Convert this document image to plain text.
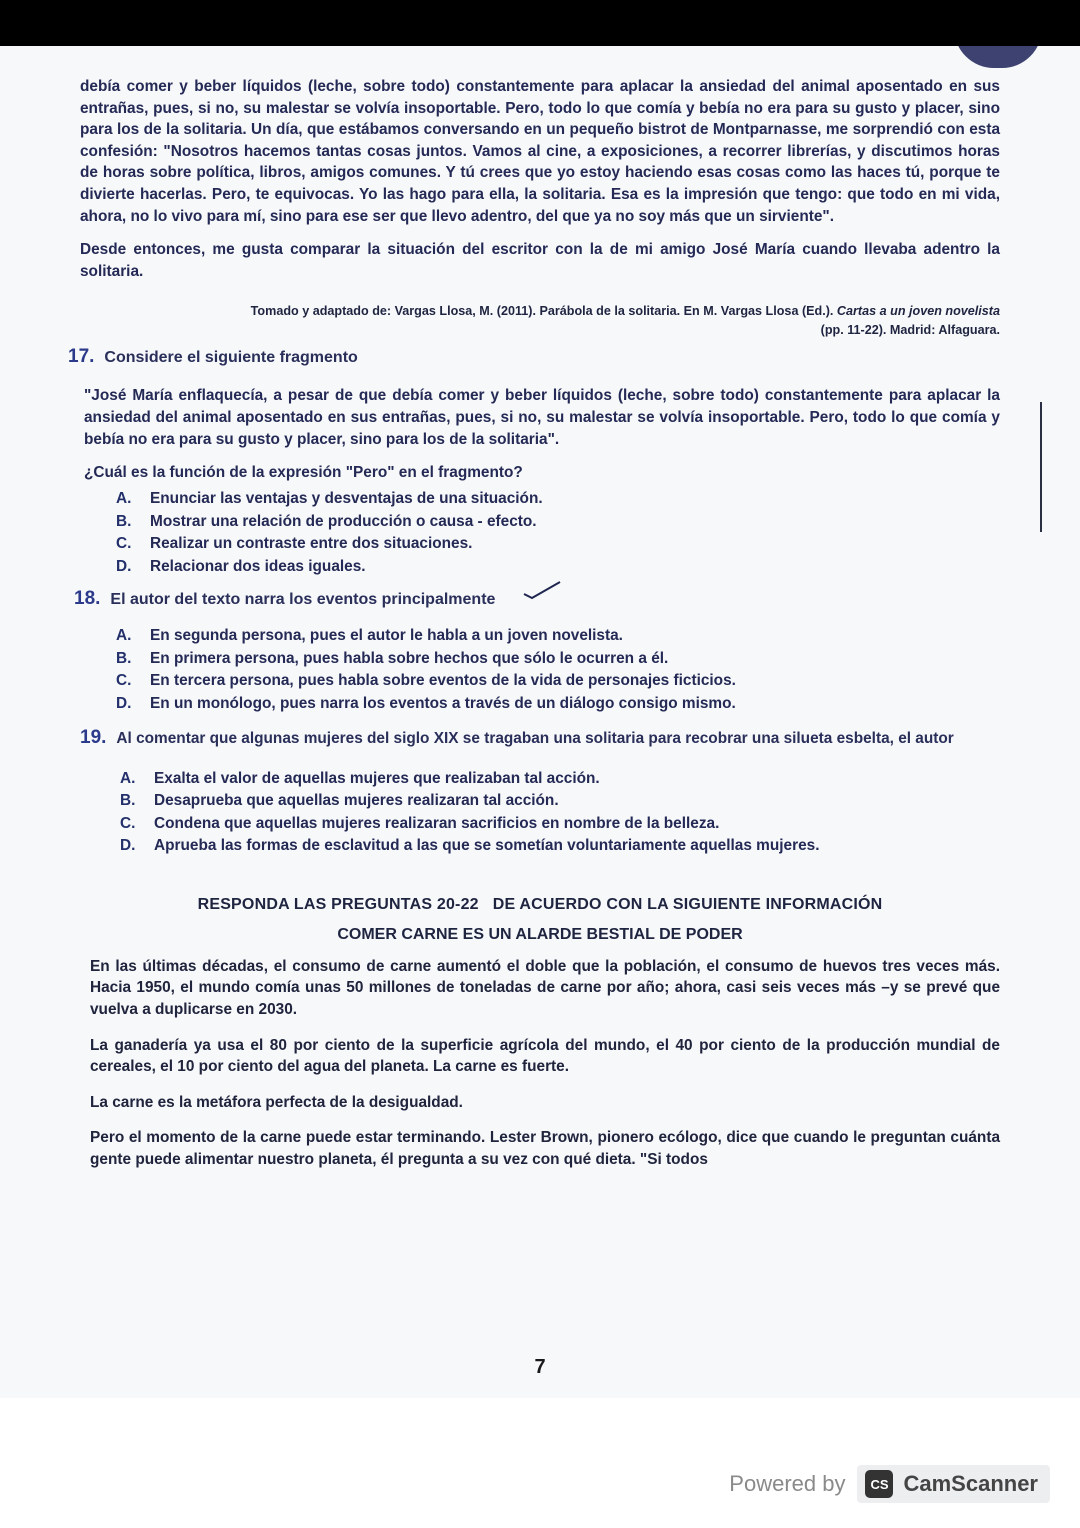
debía comer y beber líquidos (leche, sobre todo) constantemente para aplacar la ansiedad del animal aposentado en sus entrañas, pues, si no, su malestar se volvía insoportable. Pero, todo lo que comía y bebía no era para su gusto y placer, sino para los de la solitaria. Un día, que estábamos conversando en un pequeño bistrot de Montparnasse, me sorprendió con esta confesión: "Nosotros hacemos tantas cosas juntos. Vamos al cine, a exposiciones, a recorrer librerías, y discutimos horas de horas sobre política, libros, amigos comunes. Y tú crees que yo estoy haciendo esas cosas como las haces tú, porque te divierte hacerlas. Pero, te equivocas. Yo las hago para ella, la solitaria. Esa es la impresión que tengo: que todo en mi vida, ahora, no lo vivo para mí, sino para ese ser que llevo adentro, del que ya no soy más que un sirviente".

Desde entonces, me gusta comparar la situación del escritor con la de mi amigo José María cuando llevaba adentro la solitaria.

Tomado y adaptado de: Vargas Llosa, M. (2011). Parábola de la solitaria. En M. Vargas Llosa (Ed.). Cartas a un joven novelista
(pp. 11-22). Madrid: Alfaguara.

17. Considere el siguiente fragmento

"José María enflaquecía, a pesar de que debía comer y beber líquidos (leche, sobre todo) constantemente para aplacar la ansiedad del animal aposentado en sus entrañas, pues, si no, su malestar se volvía insoportable. Pero, todo lo que comía y bebía no era para su gusto y placer, sino para los de la solitaria".

¿Cuál es la función de la expresión "Pero" en el fragmento?

A.	Enunciar las ventajas y desventajas de una situación.
B.	Mostrar una relación de producción o causa - efecto.
C.	Realizar un contraste entre dos situaciones.
D.	Relacionar dos ideas iguales.
18. El autor del texto narra los eventos principalmente
A.	En segunda persona, pues el autor le habla a un joven novelista.
B.	En primera persona, pues habla sobre hechos que sólo le ocurren a él.
C.	En tercera persona, pues habla sobre eventos de la vida de personajes ficticios.
D.	En un monólogo, pues narra los eventos a través de un diálogo consigo mismo.
19. Al comentar que algunas mujeres del siglo XIX se tragaban una solitaria para recobrar una silueta esbelta, el autor
A.	Exalta el valor de aquellas mujeres que realizaban tal acción.
B.	Desaprueba que aquellas mujeres realizaran tal acción.
C.	Condena que aquellas mujeres realizaran sacrificios en nombre de la belleza.
D.	Aprueba las formas de esclavitud a las que se sometían voluntariamente aquellas mujeres.

RESPONDA LAS PREGUNTAS 20-22   DE ACUERDO CON LA SIGUIENTE INFORMACIÓN

COMER CARNE ES UN ALARDE BESTIAL DE PODER

En las últimas décadas, el consumo de carne aumentó el doble que la población, el consumo de huevos tres veces más. Hacia 1950, el mundo comía unas 50 millones de toneladas de carne por año; ahora, casi seis veces más –y se prevé que vuelva a duplicarse en 2030.

La ganadería ya usa el 80 por ciento de la superficie agrícola del mundo, el 40 por ciento de la producción mundial de cereales, el 10 por ciento del agua del planeta. La carne es fuerte.

La carne es la metáfora perfecta de la desigualdad.

Pero el momento de la carne puede estar terminando. Lester Brown, pionero ecólogo, dice que cuando le preguntan cuánta gente puede alimentar nuestro planeta, él pregunta a su vez con qué dieta. "Si todos

7
Powered by	CS CamScanner
